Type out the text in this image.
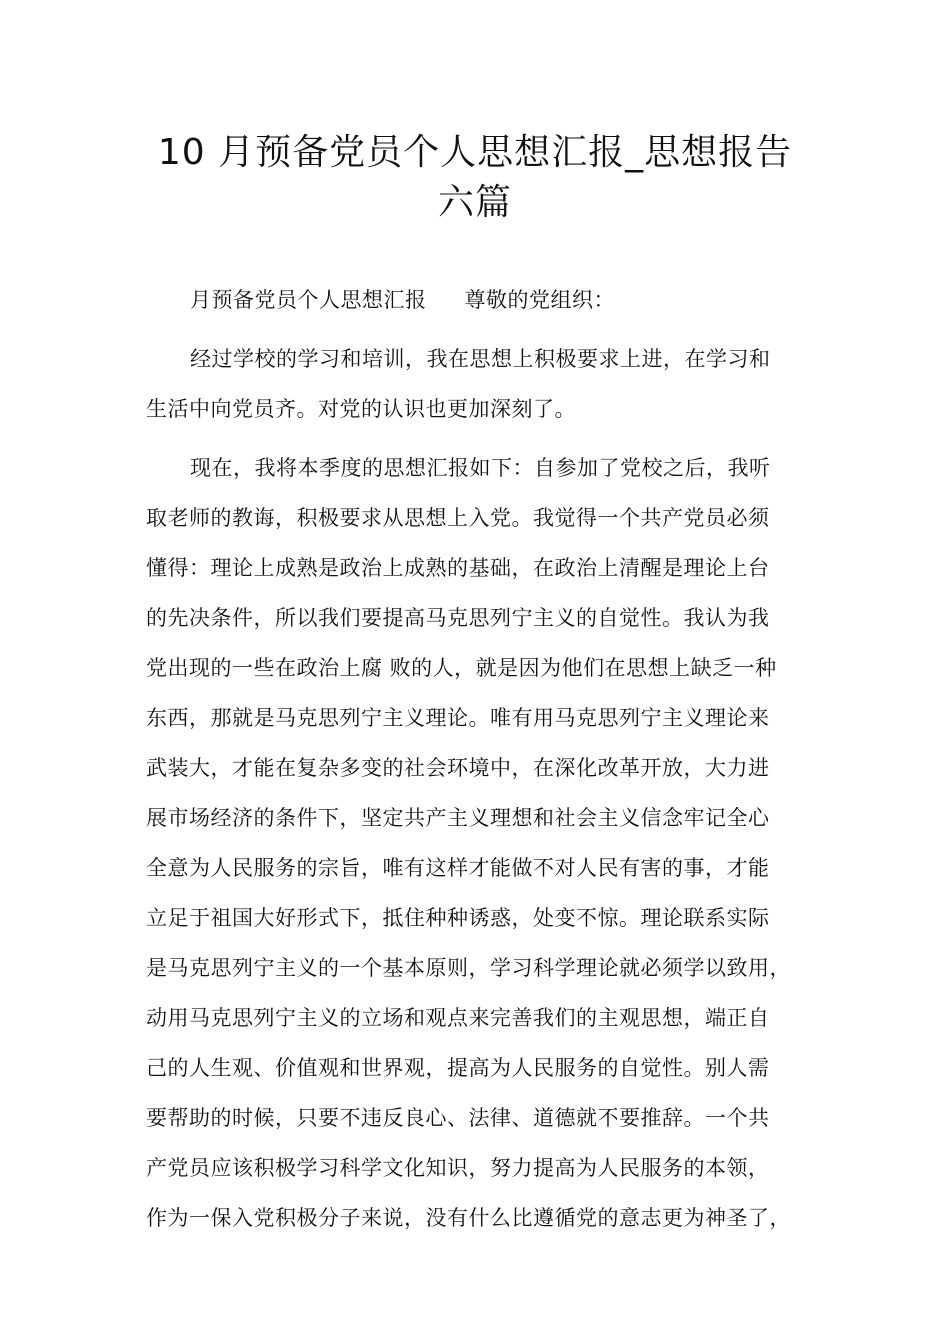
10 月预备党员个人思想汇报_思想报告
六篇
月预备党员个人思想汇报 尊敬的党组织：
经过学校的学习和培训，我在思想上积极要求上进，在学习和
生活中向党员齐。对党的认识也更加深刻了。
现在，我将本季度的思想汇报如下：自参加了党校之后，我听
取老师的教诲，积极要求从思想上入党。我觉得一个共产党员必须
懂得：理论上成熟是政治上成熟的基础，在政治上清醒是理论上台
的先决条件，所以我们要提高马克思列宁主义的自觉性。我认为我
党出现的一些在政治上腐 败的人，就是因为他们在思想上缺乏一种
东西，那就是马克思列宁主义理论。唯有用马克思列宁主义理论来
武装大，才能在复杂多变的社会环境中，在深化改革开放，大力进
展市场经济的条件下，坚定共产主义理想和社会主义信念牢记全心
全意为人民服务的宗旨，唯有这样才能做不对人民有害的事，才能
立足于祖国大好形式下，抵住种种诱惑，处变不惊。理论联系实际
是马克思列宁主义的一个基本原则，学习科学理论就必须学以致用，
动用马克思列宁主义的立场和观点来完善我们的主观思想，端正自
己的人生观、价值观和世界观，提高为人民服务的自觉性。别人需
要帮助的时候，只要不违反良心、法律、道德就不要推辞。一个共
产党员应该积极学习科学文化知识，努力提高为人民服务的本领，
作为一保入党积极分子来说，没有什么比遵循党的意志更为神圣了，
